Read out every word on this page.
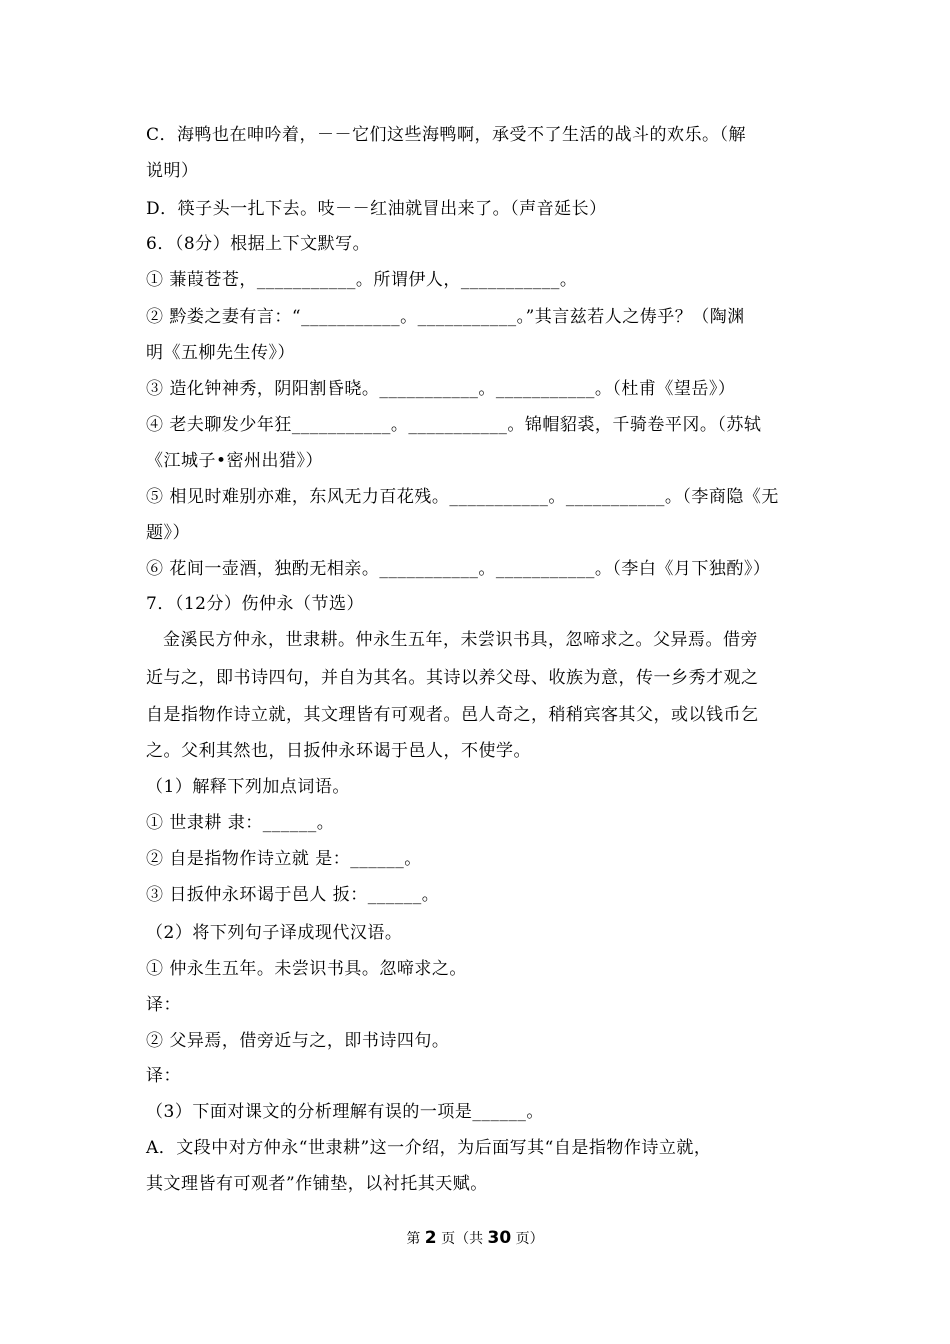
C．海鸭也在呻吟着，－－它们这些海鸭啊，承受不了生活的战斗的欢乐。（解
说明）
D．筷子头一扎下去。吱－－红油就冒出来了。（声音延长）
6．（8分）根据上下文默写。
① 蒹葭苍苍，___________。所谓伊人，___________。
② 黔娄之妻有言：“___________。___________。”其言兹若人之俦乎？（陶渊
明《五柳先生传》）
③ 造化钟神秀，阴阳割昏晓。___________。___________。（杜甫《望岳》）
④ 老夫聊发少年狂___________。___________。锦帽貂裘，千骑卷平冈。（苏轼
《江城子•密州出猎》）
⑤ 相见时难别亦难，东风无力百花残。___________。___________。（李商隐《无
题》）
⑥ 花间一壶酒，独酌无相亲。___________。___________。（李白《月下独酌》）
7．（12分）伤仲永（节选）
金溪民方仲永，世隶耕。仲永生五年，未尝识书具，忽啼求之。父异焉。借旁
近与之，即书诗四句，并自为其名。其诗以养父母、收族为意，传一乡秀才观之
自是指物作诗立就，其文理皆有可观者。邑人奇之，稍稍宾客其父，或以钱币乞
之。父利其然也，日扳仲永环谒于邑人，不使学。
（1）解释下列加点词语。
① 世隶耕 隶：______。
② 自是指物作诗立就 是：______。
③ 日扳仲永环谒于邑人 扳：______。
（2）将下列句子译成现代汉语。
① 仲永生五年。未尝识书具。忽啼求之。
译：
② 父异焉，借旁近与之，即书诗四句。
译：
（3）下面对课文的分析理解有误的一项是______。
A．文段中对方仲永“世隶耕”这一介绍，为后面写其“自是指物作诗立就，
其文理皆有可观者”作铺垫，以衬托其天赋。
第 2 页（共 30 页）
